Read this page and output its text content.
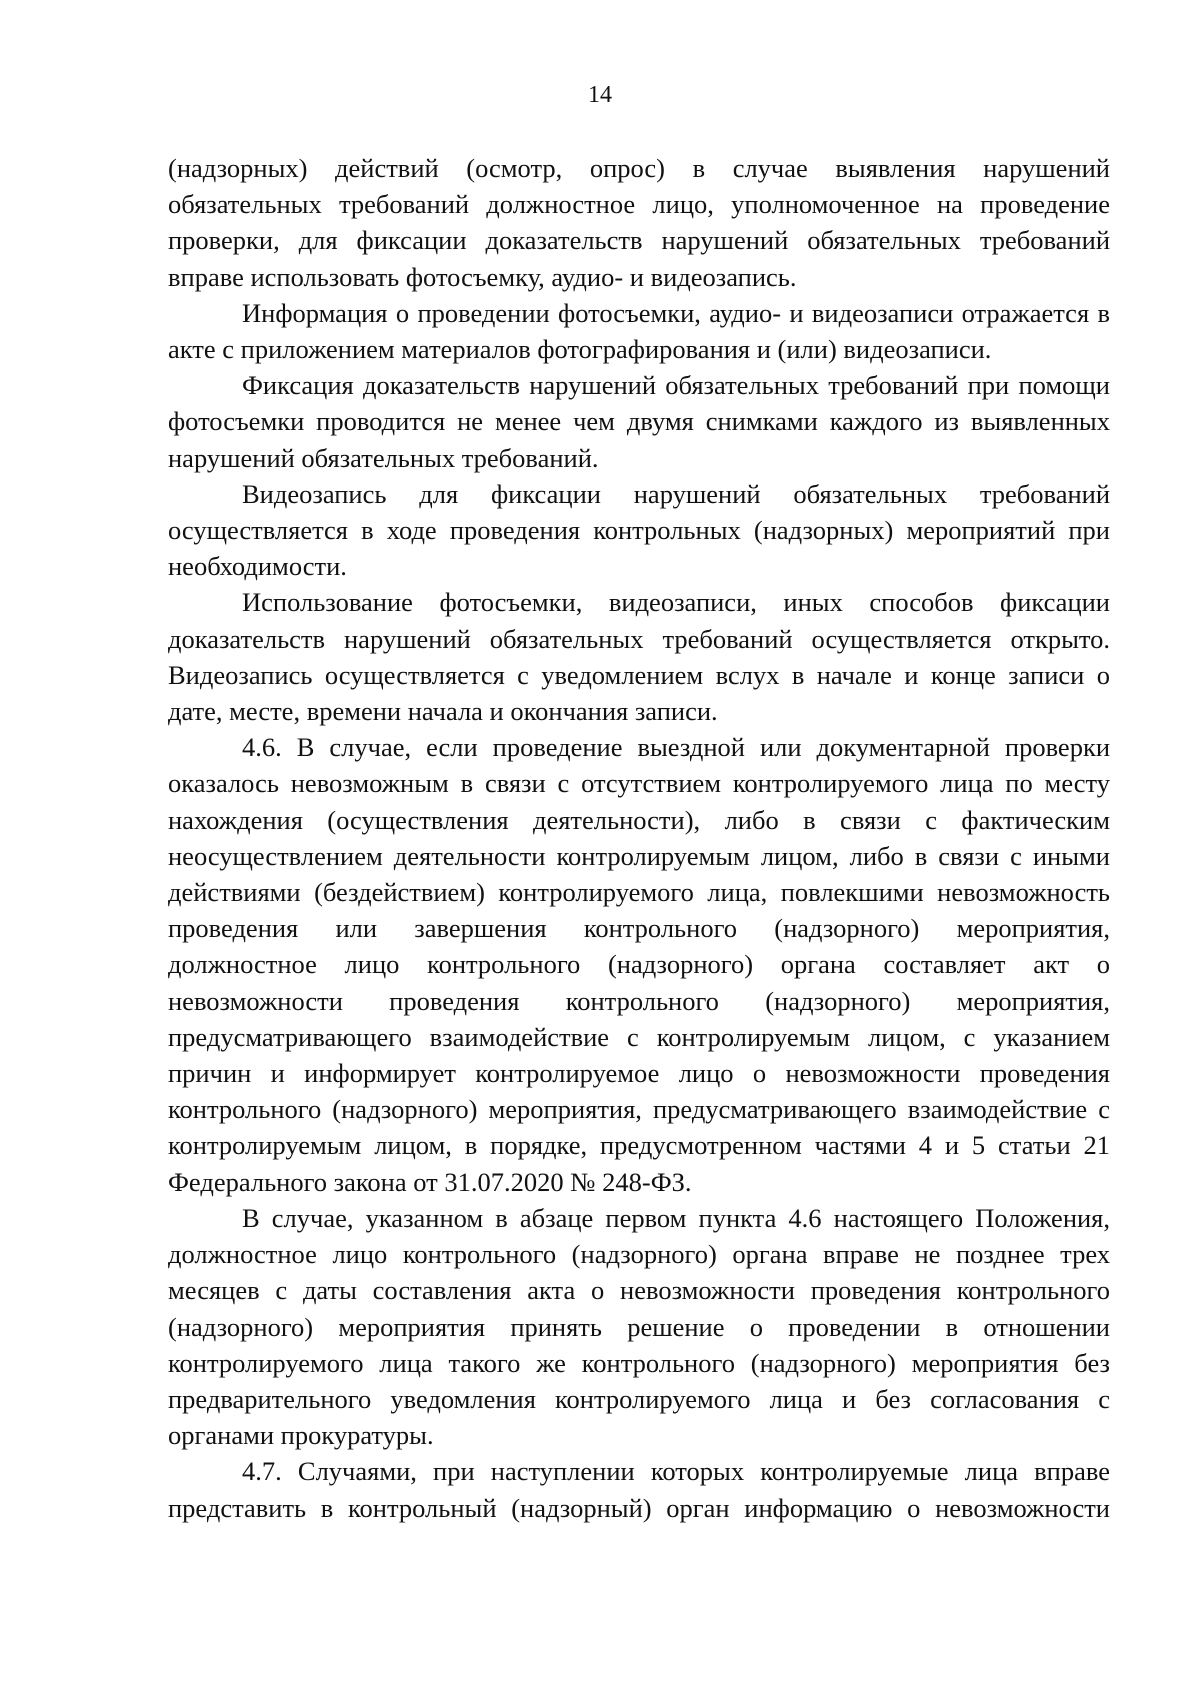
14

(надзорных) действий (осмотр, опрос) в случае выявления нарушений обязательных требований должностное лицо, уполномоченное на проведение проверки, для фиксации доказательств нарушений обязательных требований вправе использовать фотосъемку, аудио- и видеозапись.

Информация о проведении фотосъемки, аудио- и видеозаписи отражается в акте с приложением материалов фотографирования и (или) видеозаписи.

Фиксация доказательств нарушений обязательных требований при помощи фотосъемки проводится не менее чем двумя снимками каждого из выявленных нарушений обязательных требований.

Видеозапись для фиксации нарушений обязательных требований осуществляется в ходе проведения контрольных (надзорных) мероприятий при необходимости.

Использование фотосъемки, видеозаписи, иных способов фиксации доказательств нарушений обязательных требований осуществляется открыто. Видеозапись осуществляется с уведомлением вслух в начале и конце записи о дате, месте, времени начала и окончания записи.

4.6. В случае, если проведение выездной или документарной проверки оказалось невозможным в связи с отсутствием контролируемого лица по месту нахождения (осуществления деятельности), либо в связи с фактическим неосуществлением деятельности контролируемым лицом, либо в связи с иными действиями (бездействием) контролируемого лица, повлекшими невозможность проведения или завершения контрольного (надзорного) мероприятия, должностное лицо контрольного (надзорного) органа составляет акт о невозможности проведения контрольного (надзорного) мероприятия, предусматривающего взаимодействие с контролируемым лицом, с указанием причин и информирует контролируемое лицо о невозможности проведения контрольного (надзорного) мероприятия, предусматривающего взаимодействие с контролируемым лицом, в порядке, предусмотренном частями 4 и 5 статьи 21 Федерального закона от 31.07.2020 № 248-ФЗ.

В случае, указанном в абзаце первом пункта 4.6 настоящего Положения, должностное лицо контрольного (надзорного) органа вправе не позднее трех месяцев с даты составления акта о невозможности проведения контрольного (надзорного) мероприятия принять решение о проведении в отношении контролируемого лица такого же контрольного (надзорного) мероприятия без предварительного уведомления контролируемого лица и без согласования с органами прокуратуры.

4.7. Случаями, при наступлении которых контролируемые лица вправе представить в контрольный (надзорный) орган информацию о невозможности
